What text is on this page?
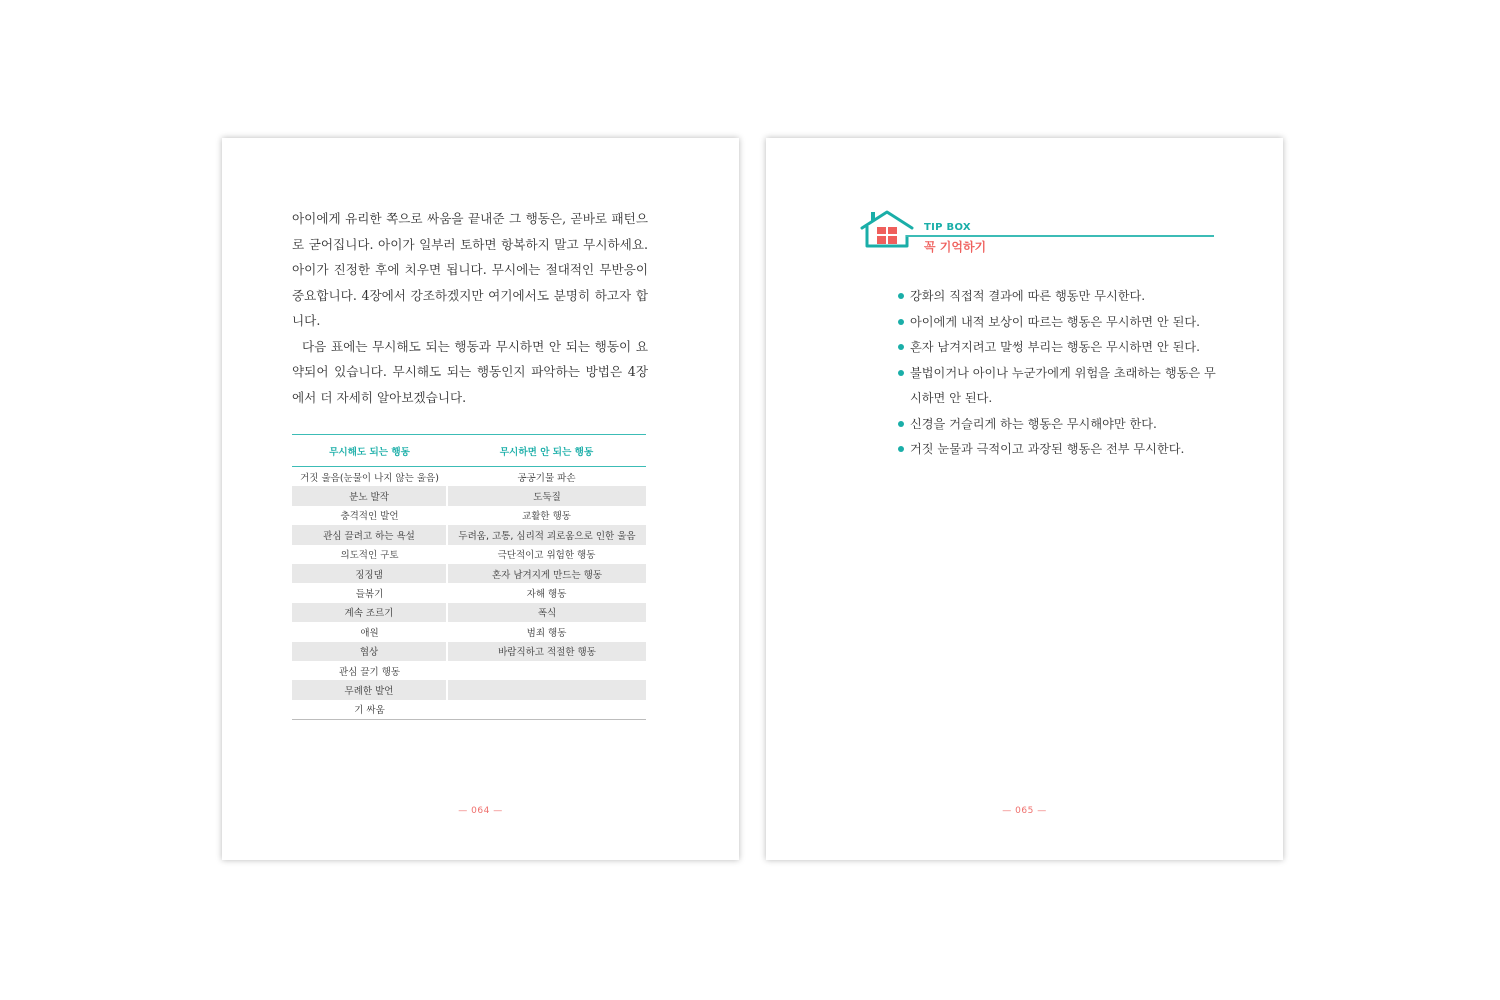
아이에게 유리한 쪽으로 싸움을 끝내준 그 행동은, 곧바로 패턴으로 굳어집니다. 아이가 일부러 토하면 항복하지 말고 무시하세요. 아이가 진정한 후에 치우면 됩니다. 무시에는 절대적인 무반응이 중요합니다. 4장에서 강조하겠지만 여기에서도 분명히 하고자 합니다.

다음 표에는 무시해도 되는 행동과 무시하면 안 되는 행동이 요약되어 있습니다. 무시해도 되는 행동인지 파악하는 방법은 4장에서 더 자세히 알아보겠습니다.

무시해도 되는 행동	무시하면 안 되는 행동
거짓 울음(눈물이 나지 않는 울음)	공공기물 파손
분노 발작	도둑질
충격적인 발언	교활한 행동
관심 끌려고 하는 욕설	두려움, 고통, 심리적 괴로움으로 인한 울음
의도적인 구토	극단적이고 위험한 행동
징징댐	혼자 남겨지게 만드는 행동
들볶기	자해 행동
계속 조르기	폭식
애원	범죄 행동
협상	바람직하고 적절한 행동
관심 끌기 행동	
무례한 발언	
기 싸움	
— 064 —
TIP BOX
꼭 기억하기
강화의 직접적 결과에 따른 행동만 무시한다.
아이에게 내적 보상이 따르는 행동은 무시하면 안 된다.
혼자 남겨지려고 말썽 부리는 행동은 무시하면 안 된다.
불법이거나 아이나 누군가에게 위험을 초래하는 행동은 무시하면 안 된다.
신경을 거슬리게 하는 행동은 무시해야만 한다.
거짓 눈물과 극적이고 과장된 행동은 전부 무시한다.
— 065 —
